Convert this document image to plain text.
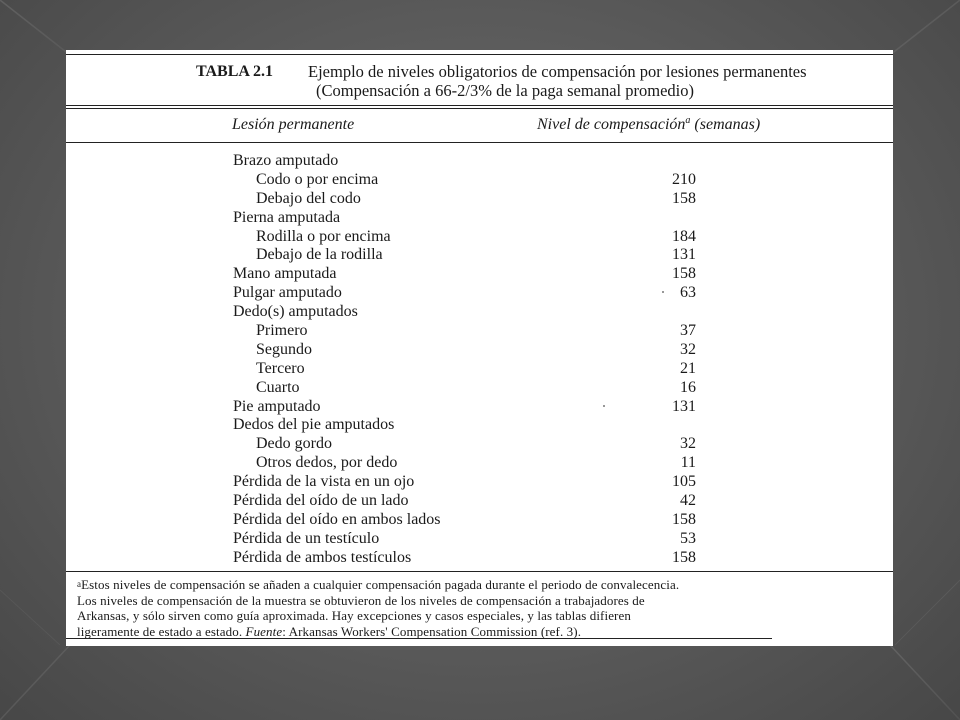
TABLA 2.1 Ejemplo de niveles obligatorios de compensación por lesiones permanentes
(Compensación a 66-2/3% de la paga semanal promedio)
Lesión permanente	Nivel de compensación$^a$ (semanas)
Brazo amputado
Codo o por encima	210
Debajo del codo	158
Pierna amputada
Rodilla o por encima	184
Debajo de la rodilla	131
Mano amputada	158
Pulgar amputado	63
Dedo(s) amputados
Primero	37
Segundo	32
Tercero	21
Cuarto	16
Pie amputado	131
Dedos del pie amputados
Dedo gordo	32
Otros dedos, por dedo	11
Pérdida de la vista en un ojo	105
Pérdida del oído de un lado	42
Pérdida del oído en ambos lados	158
Pérdida de un testículo	53
Pérdida de ambos testículos	158
$^a$Estos niveles de compensación se añaden a cualquier compensación pagada durante el periodo de convalecencia.
Los niveles de compensación de la muestra se obtuvieron de los niveles de compensación a trabajadores de
Arkansas, y sólo sirven como guía aproximada. Hay excepciones y casos especiales, y las tablas difieren
ligeramente de estado a estado. Fuente: Arkansas Workers' Compensation Commission (ref. 3).
